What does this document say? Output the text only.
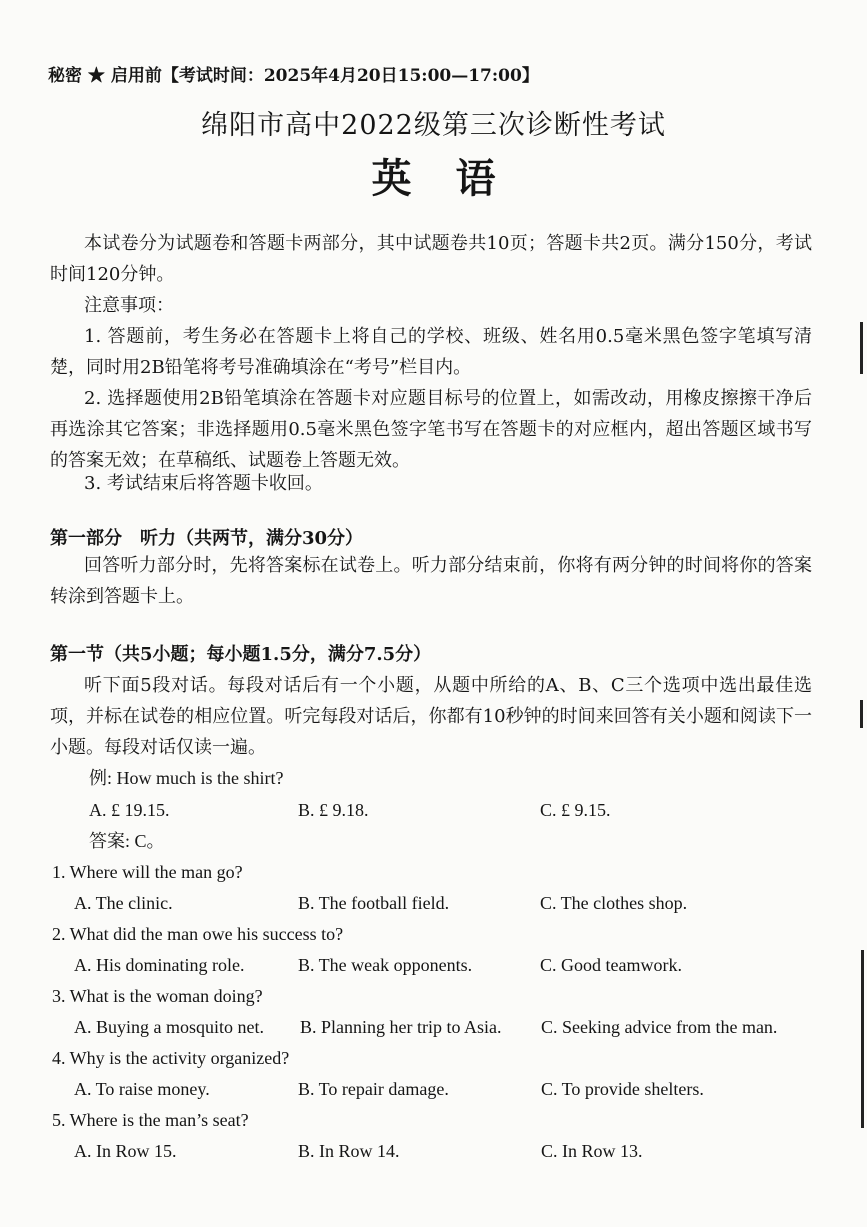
秘密 ★ 启用前【考试时间：2025年4月20日15:00—17:00】
绵阳市高中2022级第三次诊断性考试
英 语
本试卷分为试题卷和答题卡两部分，其中试题卷共10页；答题卡共2页。满分150分，考试时间120分钟。
注意事项：
1. 答题前，考生务必在答题卡上将自己的学校、班级、姓名用0.5毫米黑色签字笔填写清楚，同时用2B铅笔将考号准确填涂在“考号”栏目内。
2. 选择题使用2B铅笔填涂在答题卡对应题目标号的位置上，如需改动，用橡皮擦擦干净后再选涂其它答案；非选择题用0.5毫米黑色签字笔书写在答题卡的对应框内，超出答题区域书写的答案无效；在草稿纸、试题卷上答题无效。
3. 考试结束后将答题卡收回。
第一部分　听力（共两节，满分30分）
回答听力部分时，先将答案标在试卷上。听力部分结束前，你将有两分钟的时间将你的答案转涂到答题卡上。
第一节（共5小题；每小题1.5分，满分7.5分）
听下面5段对话。每段对话后有一个小题，从题中所给的A、B、C三个选项中选出最佳选项，并标在试卷的相应位置。听完每段对话后，你都有10秒钟的时间来回答有关小题和阅读下一小题。每段对话仅读一遍。
例: How much is the shirt?
A. £ 19.15.	B. £ 9.18.	C. £ 9.15.
答案: C。
1. Where will the man go?
A. The clinic.	B. The football field.	C. The clothes shop.
2. What did the man owe his success to?
A. His dominating role.	B. The weak opponents.	C. Good teamwork.
3. What is the woman doing?
A. Buying a mosquito net. B. Planning her trip to Asia. C. Seeking advice from the man.
4. Why is the activity organized?
A. To raise money.	B. To repair damage.	C. To provide shelters.
5. Where is the man’s seat?
A. In Row 15.	B. In Row 14.	C. In Row 13.
